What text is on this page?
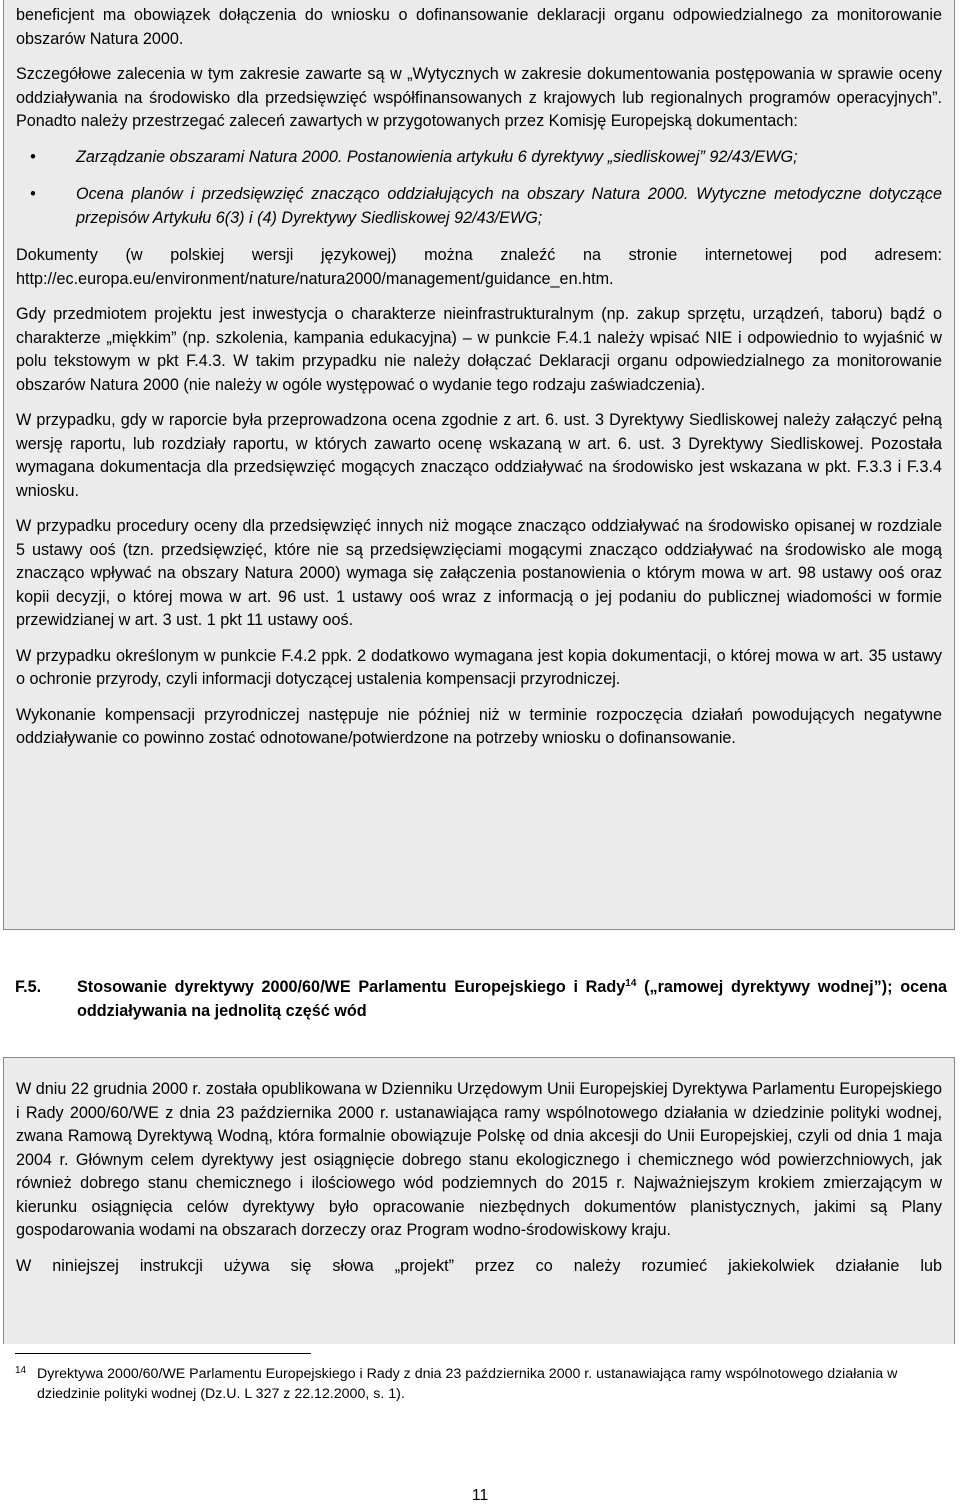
beneficjent ma obowiązek dołączenia do wniosku o dofinansowanie deklaracji organu odpowiedzialnego za monitorowanie obszarów Natura 2000.

Szczegółowe zalecenia w tym zakresie zawarte są w „Wytycznych w zakresie dokumentowania postępowania w sprawie oceny oddziaływania na środowisko dla przedsięwzięć współfinansowanych z krajowych lub regionalnych programów operacyjnych”. Ponadto należy przestrzegać zaleceń zawartych w przygotowanych przez Komisję Europejską dokumentach:

• Zarządzanie obszarami Natura 2000. Postanowienia artykułu 6 dyrektywy „siedliskowej” 92/43/EWG;
• Ocena planów i przedsięwzięć znacząco oddziałujących na obszary Natura 2000. Wytyczne metodyczne dotyczące przepisów Artykułu 6(3) i (4) Dyrektywy Siedliskowej 92/43/EWG;

Dokumenty (w polskiej wersji językowej) można znaleźć na stronie internetowej pod adresem: http://ec.europa.eu/environment/nature/natura2000/management/guidance_en.htm.

Gdy przedmiotem projektu jest inwestycja o charakterze nieinfrastrukturalnym (np. zakup sprzętu, urządzeń, taboru) bądź o charakterze „miękkim” (np. szkolenia, kampania edukacyjna) – w punkcie F.4.1 należy wpisać NIE i odpowiednio to wyjaśnić w polu tekstowym w pkt F.4.3. W takim przypadku nie należy dołączać Deklaracji organu odpowiedzialnego za monitorowanie obszarów Natura 2000 (nie należy w ogóle występować o wydanie tego rodzaju zaświadczenia).

W przypadku, gdy w raporcie była przeprowadzona ocena zgodnie z art. 6. ust. 3 Dyrektywy Siedliskowej należy załączyć pełną wersję raportu, lub rozdziały raportu, w których zawarto ocenę wskazaną w art. 6. ust. 3 Dyrektywy Siedliskowej. Pozostała wymagana dokumentacja dla przedsięwzięć mogących znacząco oddziaływać na środowisko jest wskazana w pkt. F.3.3 i F.3.4 wniosku.

W przypadku procedury oceny dla przedsięwzięć innych niż mogące znacząco oddziaływać na środowisko opisanej w rozdziale 5 ustawy ooś (tzn. przedsięwzięć, które nie są przedsięwzięciami mogącymi znacząco oddziaływać na środowisko ale mogą znacząco wpływać na obszary Natura 2000) wymaga się załączenia postanowienia o którym mowa w art. 98 ustawy ooś oraz kopii decyzji, o której mowa w art. 96 ust. 1 ustawy ooś wraz z informacją o jej podaniu do publicznej wiadomości w formie przewidzianej w art. 3 ust. 1 pkt 11 ustawy ooś.

W przypadku określonym w punkcie F.4.2 ppk. 2 dodatkowo wymagana jest kopia dokumentacji, o której mowa w art. 35 ustawy o ochronie przyrody, czyli informacji dotyczącej ustalenia kompensacji przyrodniczej.

Wykonanie kompensacji przyrodniczej następuje nie później niż w terminie rozpoczęcia działań powodujących negatywne oddziaływanie co powinno zostać odnotowane/potwierdzone na potrzeby wniosku o dofinansowanie.

F.5.	Stosowanie dyrektywy 2000/60/WE Parlamentu Europejskiego i Rady$^{14}$ („ramowej dyrektywy wodnej”); ocena oddziaływania na jednolitą część wód

W dniu 22 grudnia 2000 r. została opublikowana w Dzienniku Urzędowym Unii Europejskiej Dyrektywa Parlamentu Europejskiego i Rady 2000/60/WE z dnia 23 października 2000 r. ustanawiająca ramy wspólnotowego działania w dziedzinie polityki wodnej, zwana Ramową Dyrektywą Wodną, która formalnie obowiązuje Polskę od dnia akcesji do Unii Europejskiej, czyli od dnia 1 maja 2004 r. Głównym celem dyrektywy jest osiągnięcie dobrego stanu ekologicznego i chemicznego wód powierzchniowych, jak również dobrego stanu chemicznego i ilościowego wód podziemnych do 2015 r. Najważniejszym krokiem zmierzającym w kierunku osiągnięcia celów dyrektywy było opracowanie niezbędnych dokumentów planistycznych, jakimi są Plany gospodarowania wodami na obszarach dorzeczy oraz Program wodno-środowiskowy kraju.

W niniejszej instrukcji używa się słowa „projekt” przez co należy rozumieć jakiekolwiek działanie lub

14 Dyrektywa 2000/60/WE Parlamentu Europejskiego i Rady z dnia 23 października 2000 r. ustanawiająca ramy wspólnotowego działania w dziedzinie polityki wodnej (Dz.U. L 327 z 22.12.2000, s. 1).
11
